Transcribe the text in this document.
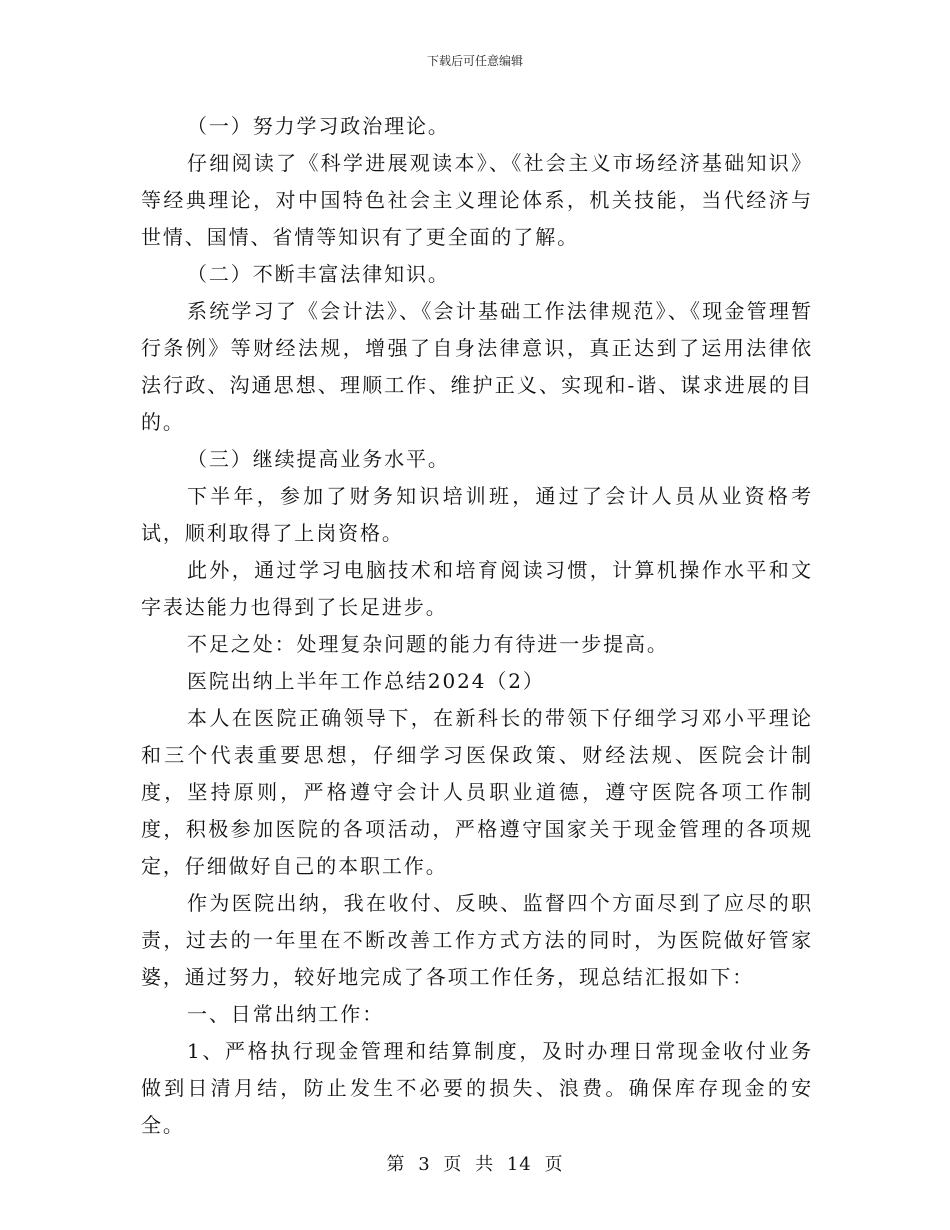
下载后可任意编辑

（一）努力学习政治理论。

仔细阅读了《科学进展观读本》、《社会主义市场经济基础知识》等经典理论，对中国特色社会主义理论体系，机关技能，当代经济与世情、国情、省情等知识有了更全面的了解。

（二）不断丰富法律知识。

系统学习了《会计法》、《会计基础工作法律规范》、《现金管理暂行条例》等财经法规，增强了自身法律意识，真正达到了运用法律依法行政、沟通思想、理顺工作、维护正义、实现和-谐、谋求进展的目的。

（三）继续提高业务水平。

下半年，参加了财务知识培训班，通过了会计人员从业资格考试，顺利取得了上岗资格。

此外，通过学习电脑技术和培育阅读习惯，计算机操作水平和文字表达能力也得到了长足进步。

不足之处：处理复杂问题的能力有待进一步提高。

医院出纳上半年工作总结2024（2）

本人在医院正确领导下，在新科长的带领下仔细学习邓小平理论和三个代表重要思想，仔细学习医保政策、财经法规、医院会计制度，坚持原则，严格遵守会计人员职业道德，遵守医院各项工作制度，积极参加医院的各项活动，严格遵守国家关于现金管理的各项规定，仔细做好自己的本职工作。

作为医院出纳，我在收付、反映、监督四个方面尽到了应尽的职责，过去的一年里在不断改善工作方式方法的同时，为医院做好管家婆，通过努力，较好地完成了各项工作任务，现总结汇报如下：

一、日常出纳工作：

1、严格执行现金管理和结算制度，及时办理日常现金收付业务做到日清月结，防止发生不必要的损失、浪费。确保库存现金的安全。

第 3 页 共 14 页
